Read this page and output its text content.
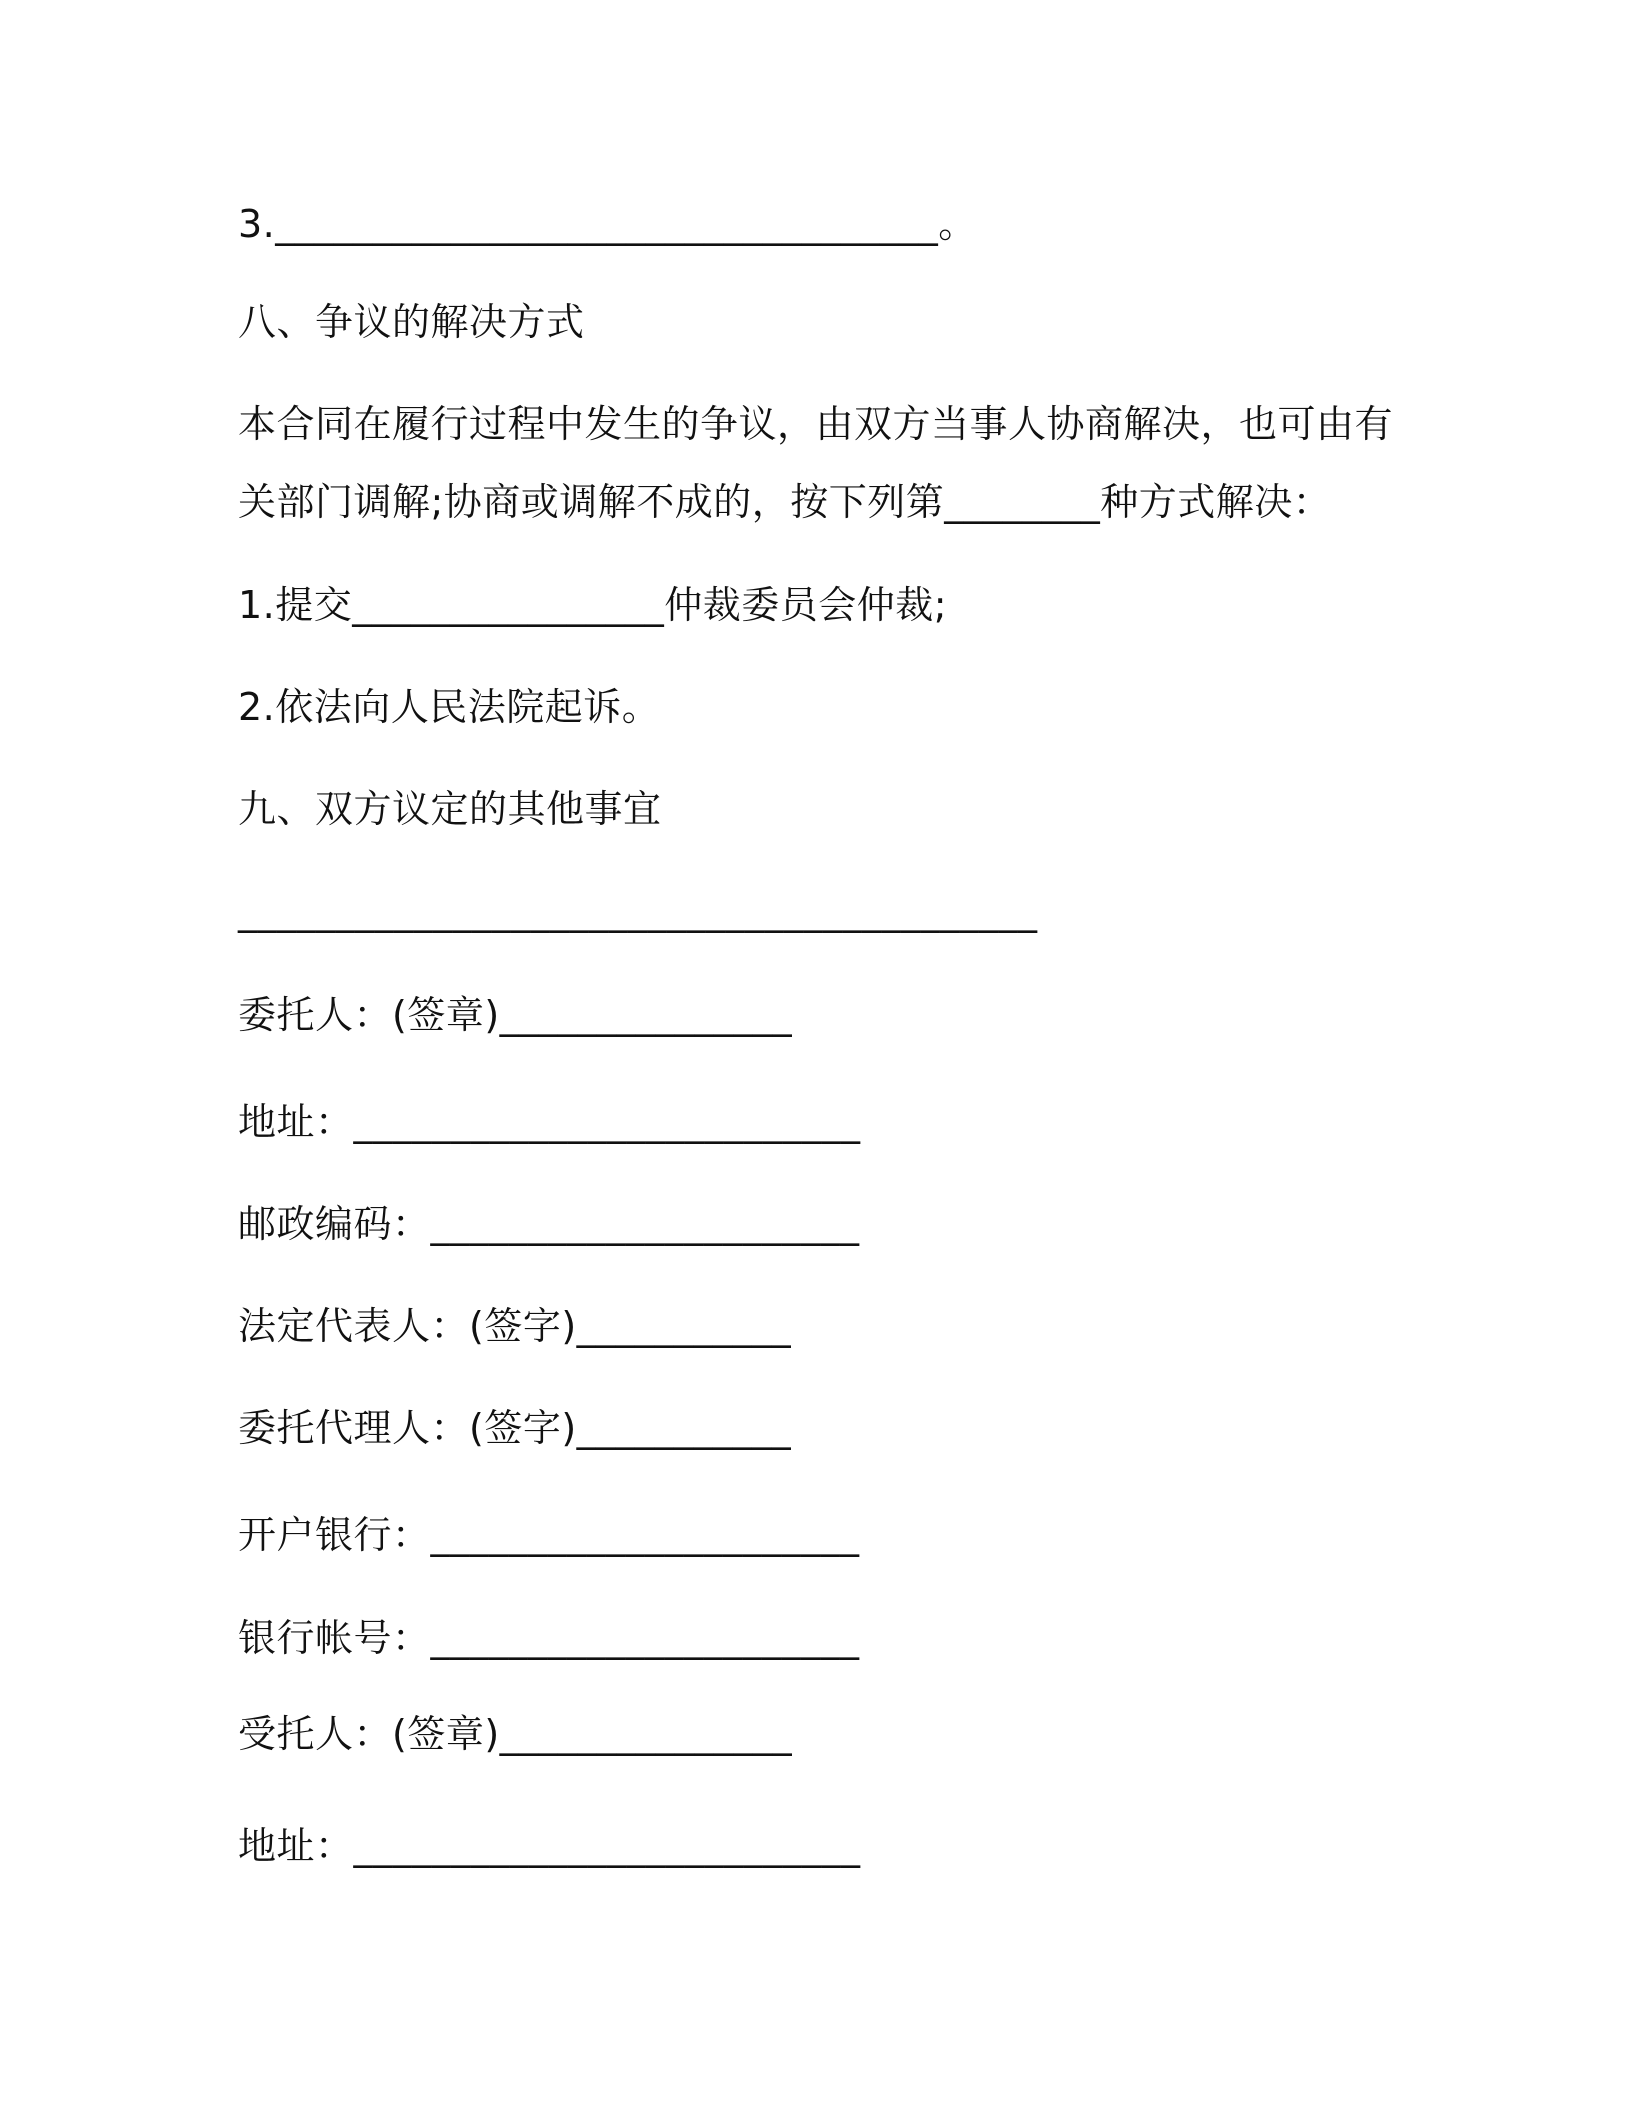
3.__________________________________。
八、争议的解决方式
本合同在履行过程中发生的争议，由双方当事人协商解决，也可由有
关部门调解;协商或调解不成的，按下列第________种方式解决：
1.提交________________仲裁委员会仲裁;
2.依法向人民法院起诉。
九、双方议定的其他事宜
_________________________________________
委托人：(签章)_______________
地址：__________________________
邮政编码：______________________
法定代表人：(签字)___________
委托代理人：(签字)___________
开户银行：______________________
银行帐号：______________________
受托人：(签章)_______________
地址：__________________________
